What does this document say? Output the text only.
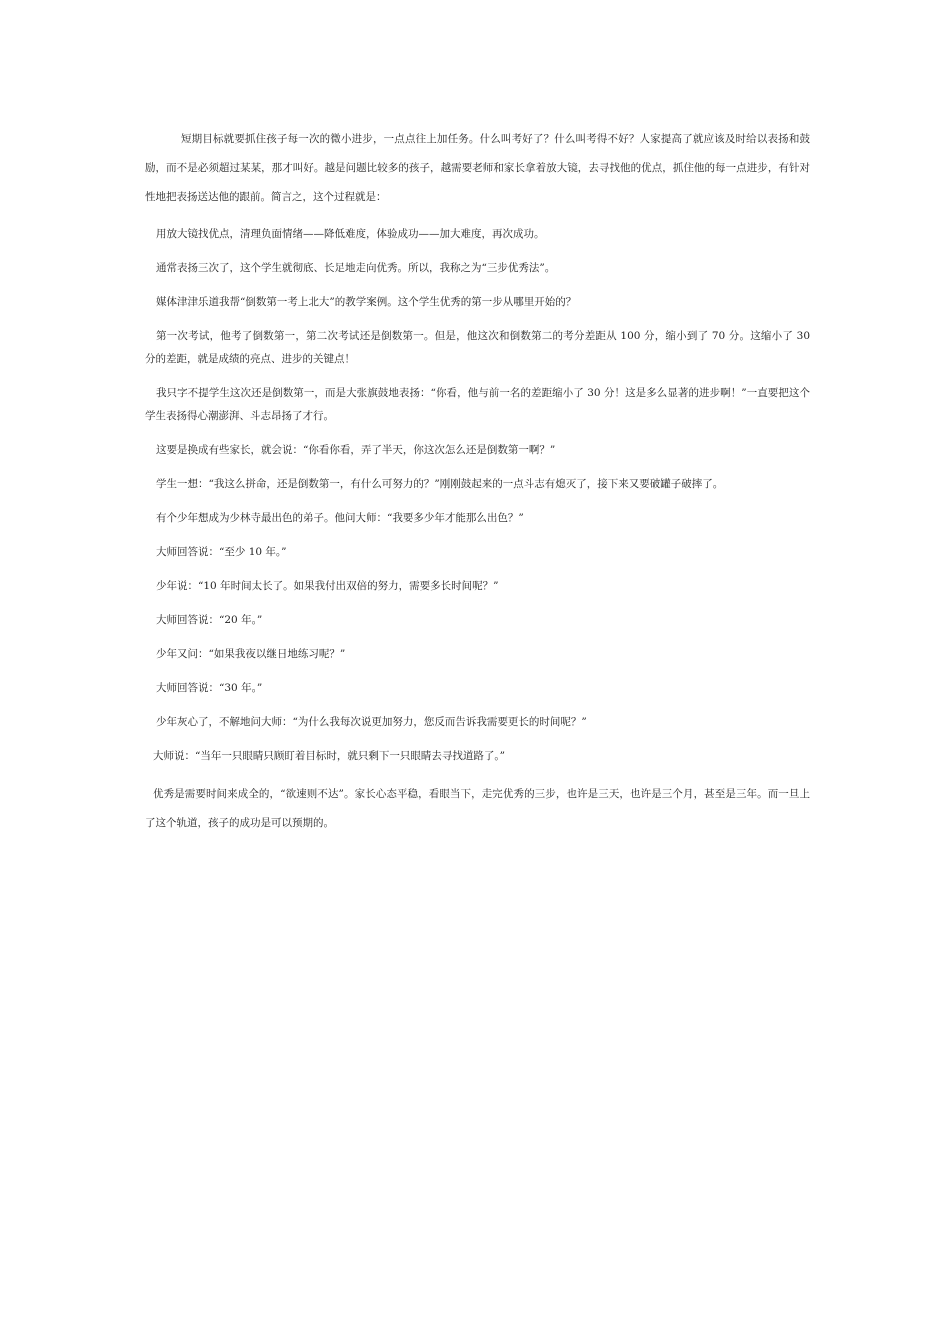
短期目标就要抓住孩子每一次的微小进步，一点点往上加任务。什么叫考好了？什么叫考得不好？人家提高了就应该及时给以表扬和鼓励，而不是必须超过某某，那才叫好。越是问题比较多的孩子，越需要老师和家长拿着放大镜，去寻找他的优点，抓住他的每一点进步，有针对性地把表扬送达他的跟前。简言之，这个过程就是：

用放大镜找优点，清理负面情绪——降低难度，体验成功——加大难度，再次成功。

通常表扬三次了，这个学生就彻底、长足地走向优秀。所以，我称之为“三步优秀法”。

媒体津津乐道我帮“倒数第一考上北大”的教学案例。这个学生优秀的第一步从哪里开始的？

第一次考试，他考了倒数第一，第二次考试还是倒数第一。但是，他这次和倒数第二的考分差距从 100 分，缩小到了 70 分。这缩小了 30 分的差距，就是成绩的亮点、进步的关键点！

我只字不提学生这次还是倒数第一，而是大张旗鼓地表扬：“你看，他与前一名的差距缩小了 30 分！这是多么显著的进步啊！”一直要把这个学生表扬得心潮澎湃、斗志昂扬了才行。

这要是换成有些家长，就会说：“你看你看，弄了半天，你这次怎么还是倒数第一啊？”

学生一想：“我这么拼命，还是倒数第一，有什么可努力的？”刚刚鼓起来的一点斗志有熄灭了，接下来又要破罐子破摔了。

有个少年想成为少林寺最出色的弟子。他问大师：“我要多少年才能那么出色？”

大师回答说：“至少 10 年。”

少年说：“10 年时间太长了。如果我付出双倍的努力，需要多长时间呢？”

大师回答说：“20 年。”

少年又问：“如果我夜以继日地练习呢？”

大师回答说：“30 年。”

少年灰心了，不解地问大师：“为什么我每次说更加努力，您反而告诉我需要更长的时间呢？”

大师说：“当年一只眼睛只顾盯着目标时，就只剩下一只眼睛去寻找道路了。”

优秀是需要时间来成全的，“欲速则不达”。家长心态平稳，看眼当下，走完优秀的三步，也许是三天，也许是三个月，甚至是三年。而一旦上了这个轨道，孩子的成功是可以预期的。
